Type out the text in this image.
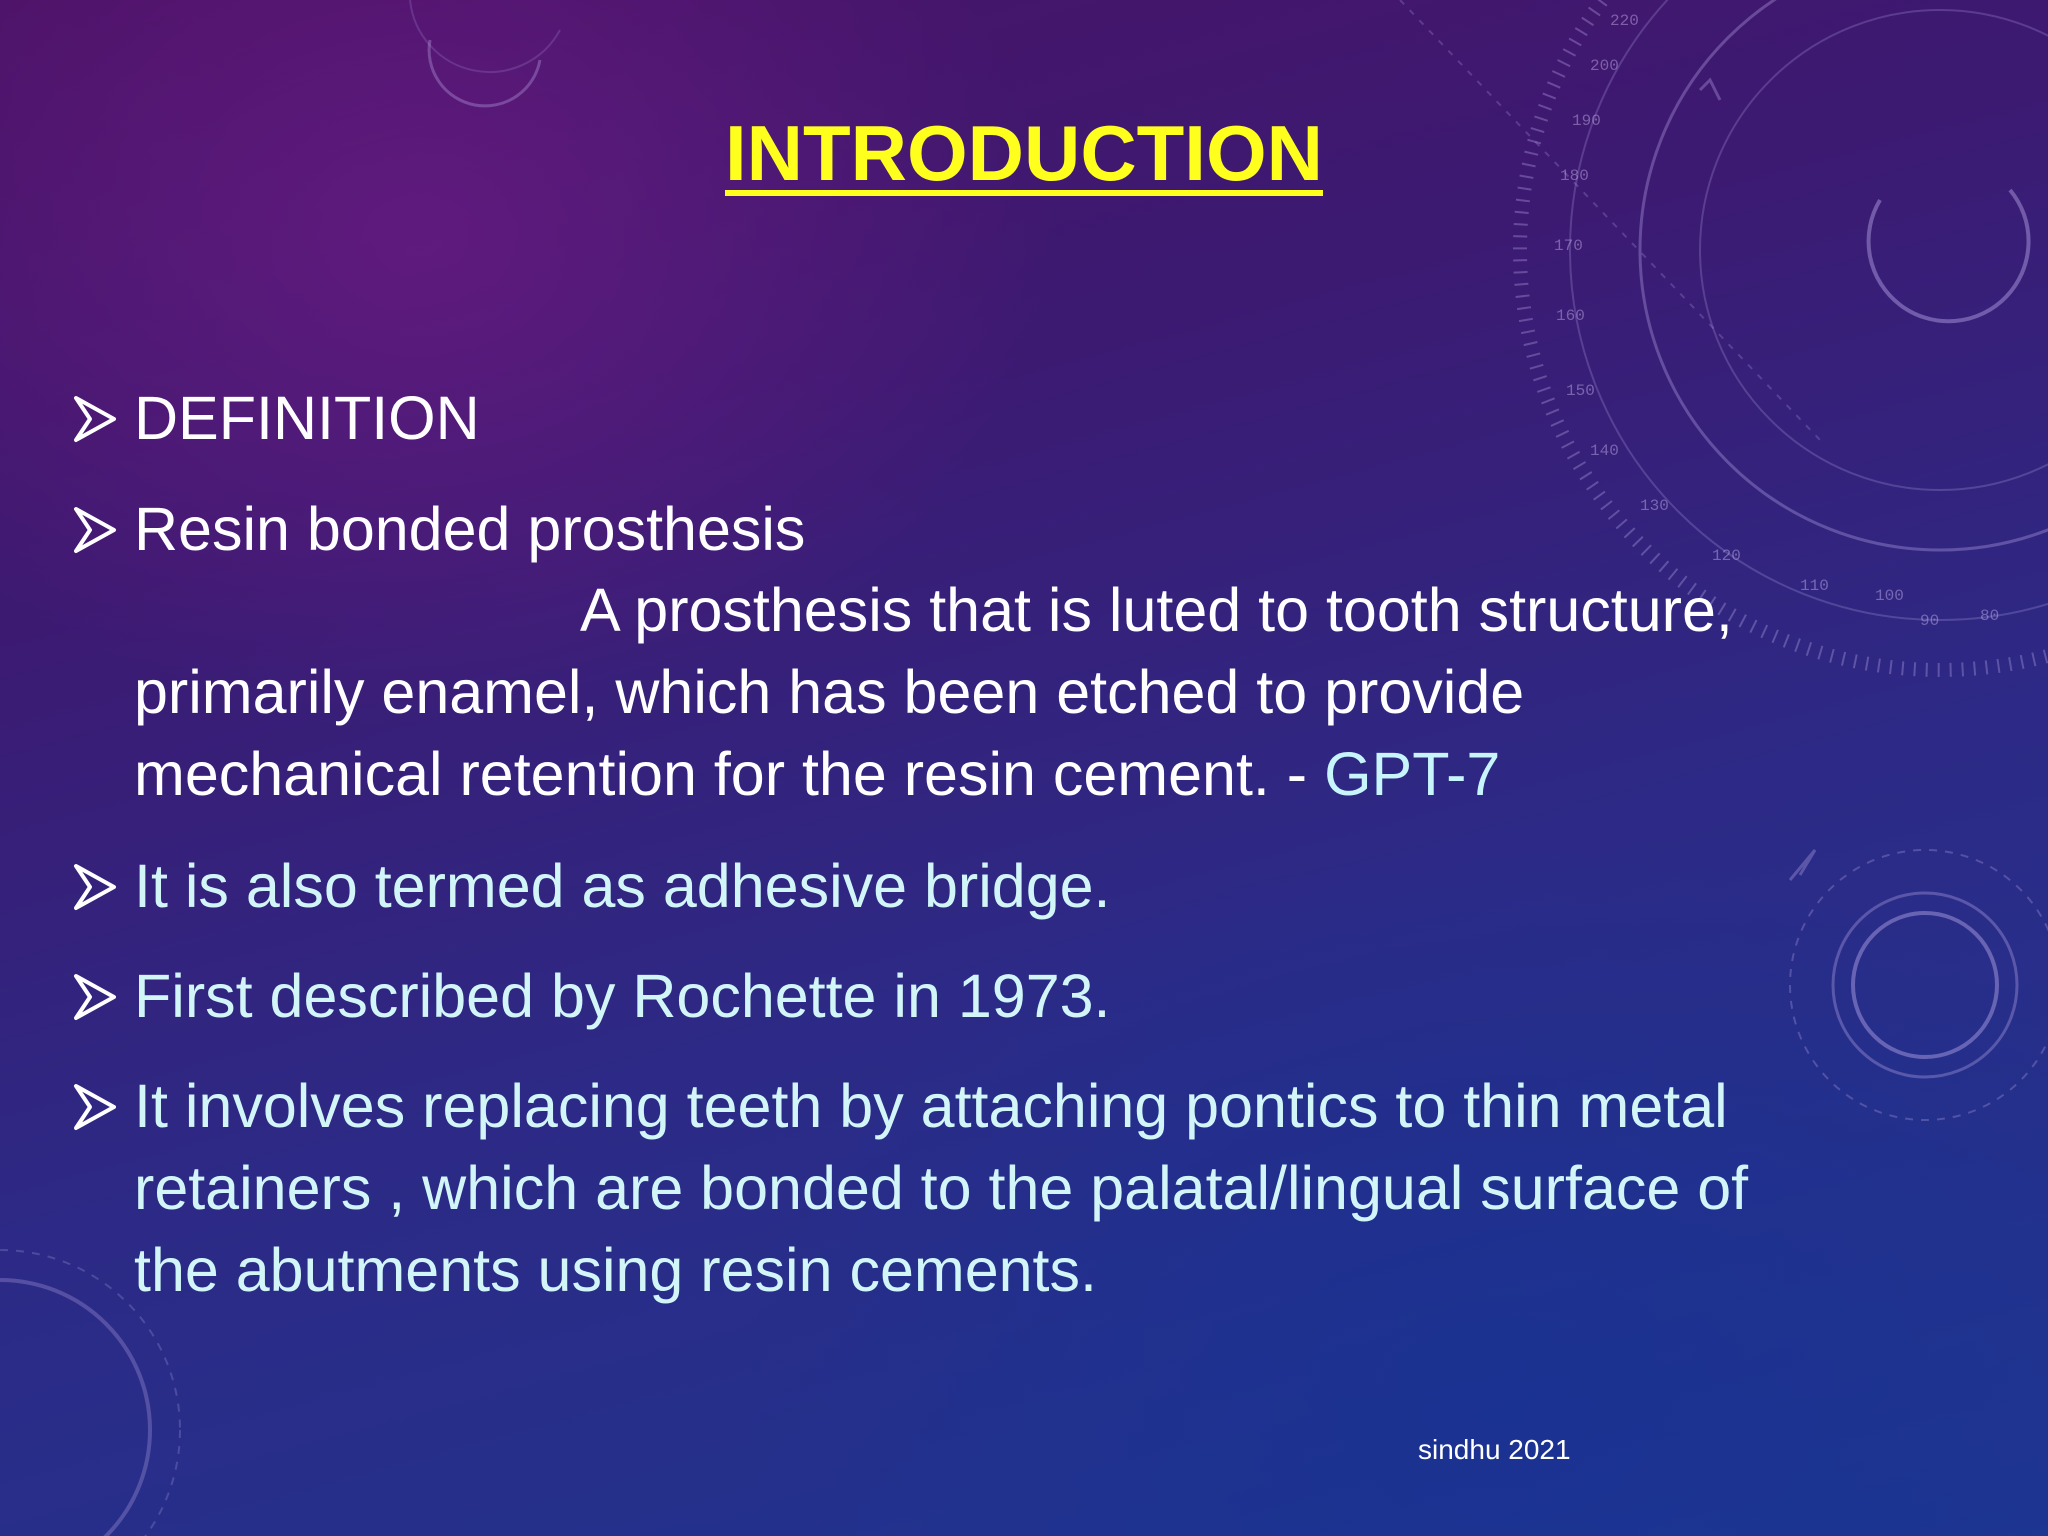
220
200
190
180
170
160
150
140
130
120
110
100
90	80
INTRODUCTION
DEFINITION
Resin bonded prosthesis
A prosthesis that is luted to tooth structure,
primarily enamel, which has been etched to provide
mechanical retention for the resin cement. - GPT-7
It is also termed as adhesive bridge.
First described by Rochette in 1973.
It involves replacing teeth by attaching pontics to thin metal
retainers , which are bonded to the palatal/lingual surface of
the abutments using resin cements.
sindhu 2021
